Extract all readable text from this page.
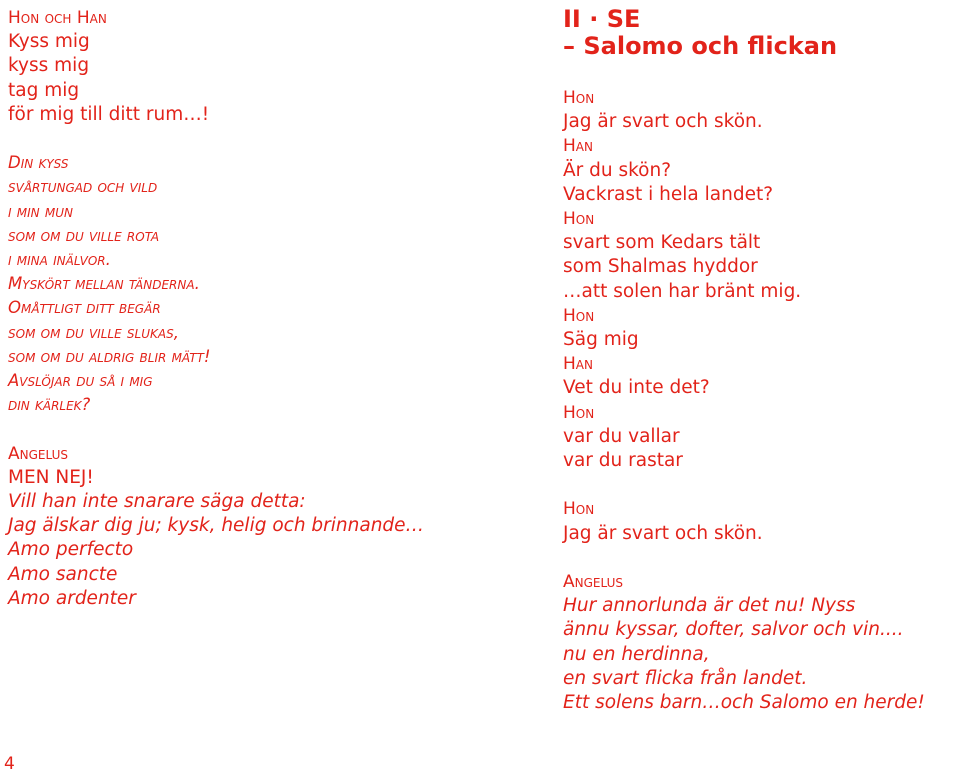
Hon och Han
Kyss mig
kyss mig
tag mig
för mig till ditt rum…!
Din kyss
svårtungad och vild
i min mun
som om du ville rota
i mina inälvor.
Myskört mellan tänderna.
Omåttligt ditt begär
som om du ville slukas,
som om du aldrig blir mätt!
Avslöjar du så i mig
din kärlek?
Angelus
MEN NEJ!
Vill han inte snarare säga detta:
Jag älskar dig ju; kysk, helig och brinnande…
Amo perfecto
Amo sancte
Amo ardenter
II · SE
– Salomo och flickan
Hon
Jag är svart och skön.
Han
Är du skön?
Vackrast i hela landet?
Hon
svart som Kedars tält
som Shalmas hyddor
…att solen har bränt mig.
Hon
Säg mig
Han
Vet du inte det?
Hon
var du vallar
var du rastar
Hon
Jag är svart och skön.
Angelus
Hur annorlunda är det nu! Nyss
ännu kyssar, dofter, salvor och vin....
nu en herdinna,
en svart flicka från landet.
Ett solens barn…och Salomo en herde!
4
